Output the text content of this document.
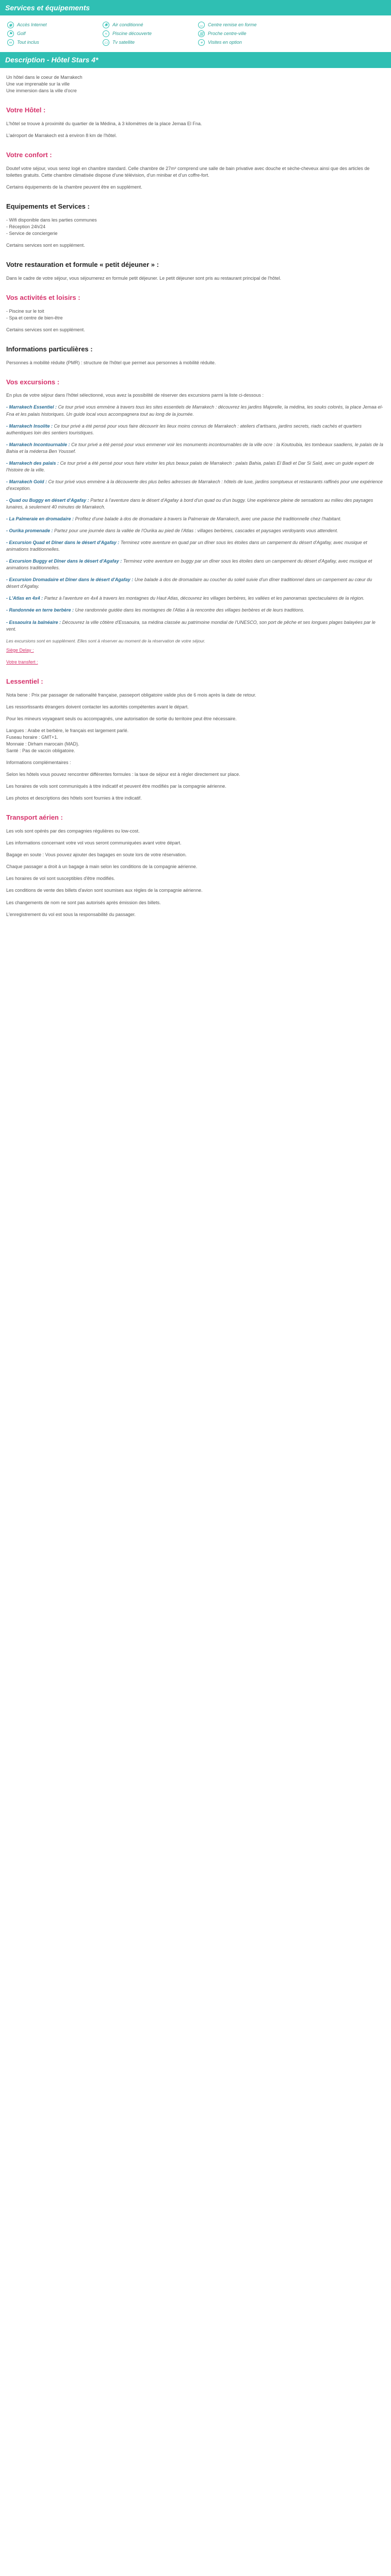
Services et équipements
◉	Accès Internet	✱	Air conditionné	⚊ Centre remise en forme
⚑ Golf	≈	Piscine découverte	▥ Proche centre-ville
∞	Tout inclus	▭ Tv satellite	⌖	Visites en option
Description - Hôtel Stars 4*

Un hôtel dans le coeur de Marrakech

Une vue imprenable sur la ville

Une immersion dans la ville d'ocre

Votre Hôtel :

L'hôtel se trouve à proximité du quartier de la Médina, à 3 kilomètres de la place Jemaa El Fna.

L'aéroport de Marrakech est à environ 8 km de l'hôtel.

Votre confort :

Doutef votre séjour, vous serez logé en chambre standard. Celle chambre de 27m² comprend une salle de bain privative avec douche et sèche-cheveux ainsi que des articles de toilettes gratuits. Cette chambre climatisée dispose d'une télévision, d'un minibar et d'un coffre-fort.

Certains équipements de la chambre peuvent être en supplément.

Equipements et Services :

- Wifi disponible dans les parties communes

- Réception 24h/24

- Service de conciergerie

Certains services sont en supplément.

Votre restauration et formule « petit déjeuner » :

Dans le cadre de votre séjour, vous séjournerez en formule petit déjeuner. Le petit déjeuner sont pris au restaurant principal de l'hôtel.

Vos activités et loisirs :

- Piscine sur le toit

- Spa et centre de bien-être

Certains services sont en supplément.

Informations particulières :

Personnes à mobilité réduite (PMR) : structure de l'hôtel que permet aux personnes à mobilité réduite.

Vos excursions :

En plus de votre séjour dans l'hôtel sélectionné, vous avez la possibilité de réserver des excursions parmi la liste ci-dessous :

- Marrakech Essentiel : Ce tour privé vous emmène à travers tous les sites essentiels de Marrakech : découvrez les jardins Majorelle, la médina, les souks colorés, la place Jemaa el-Fna et les palais historiques. Un guide local vous accompagnera tout au long de la journée.
- Marrakech Insolite : Ce tour privé a été pensé pour vous faire découvrir les lieux moins connus de Marrakech : ateliers d'artisans, jardins secrets, riads cachés et quartiers authentiques loin des sentiers touristiques.
- Marrakech Incontournable : Ce tour privé a été pensé pour vous emmener voir les monuments incontournables de la ville ocre : la Koutoubia, les tombeaux saadiens, le palais de la Bahia et la médersa Ben Youssef.
- Marrakech des palais : Ce tour privé a été pensé pour vous faire visiter les plus beaux palais de Marrakech : palais Bahia, palais El Badi et Dar Si Saïd, avec un guide expert de l'histoire de la ville.
- Marrakech Gold : Ce tour privé vous emmène à la découverte des plus belles adresses de Marrakech : hôtels de luxe, jardins somptueux et restaurants raffinés pour une expérience d'exception.
- Quad ou Buggy en désert d'Agafay : Partez à l'aventure dans le désert d'Agafay à bord d'un quad ou d'un buggy. Une expérience pleine de sensations au milieu des paysages lunaires, à seulement 40 minutes de Marrakech.
- La Palmeraie en dromadaire : Profitez d'une balade à dos de dromadaire à travers la Palmeraie de Marrakech, avec une pause thé traditionnelle chez l'habitant.
- Ourika promenade : Partez pour une journée dans la vallée de l'Ourika au pied de l'Atlas : villages berbères, cascades et paysages verdoyants vous attendent.
- Excursion Quad et Dîner dans le désert d'Agafay : Terminez votre aventure en quad par un dîner sous les étoiles dans un campement du désert d'Agafay, avec musique et animations traditionnelles.
- Excursion Buggy et Dîner dans le désert d'Agafay : Terminez votre aventure en buggy par un dîner sous les étoiles dans un campement du désert d'Agafay, avec musique et animations traditionnelles.
- Excursion Dromadaire et Dîner dans le désert d'Agafay : Une balade à dos de dromadaire au coucher du soleil suivie d'un dîner traditionnel dans un campement au cœur du désert d'Agafay.
- L'Atlas en 4x4 : Partez à l'aventure en 4x4 à travers les montagnes du Haut Atlas, découvrez les villages berbères, les vallées et les panoramas spectaculaires de la région.
- Randonnée en terre berbère : Une randonnée guidée dans les montagnes de l'Atlas à la rencontre des villages berbères et de leurs traditions.
- Essaouira la balnéaire : Découvrez la ville côtière d'Essaouira, sa médina classée au patrimoine mondial de l'UNESCO, son port de pêche et ses longues plages balayées par le vent.

Les excursions sont en supplément. Elles sont à réserver au moment de la réservation de votre séjour.

Siège Delay :

Votre transfert :

Lessentiel :

Nota bene : Prix par passager de nationalité française, passeport obligatoire valide plus de 6 mois après la date de retour.

Les ressortissants étrangers doivent contacter les autorités compétentes avant le départ.

Pour les mineurs voyageant seuls ou accompagnés, une autorisation de sortie du territoire peut être nécessaire.

Langues : Arabe et berbère, le français est largement parlé.

Fuseau horaire : GMT+1.

Monnaie : Dirham marocain (MAD).

Santé : Pas de vaccin obligatoire.

Informations complémentaires :

Selon les hôtels vous pouvez rencontrer différentes formules : la taxe de séjour est à régler directement sur place.

Les horaires de vols sont communiqués à titre indicatif et peuvent être modifiés par la compagnie aérienne.

Les photos et descriptions des hôtels sont fournies à titre indicatif.

Transport aérien :

Les vols sont opérés par des compagnies régulières ou low-cost.

Les informations concernant votre vol vous seront communiquées avant votre départ.

Bagage en soute : Vous pouvez ajouter des bagages en soute lors de votre réservation.

Chaque passager a droit à un bagage à main selon les conditions de la compagnie aérienne.

Les horaires de vol sont susceptibles d'être modifiés.

Les conditions de vente des billets d'avion sont soumises aux règles de la compagnie aérienne.

Les changements de nom ne sont pas autorisés après émission des billets.

L'enregistrement du vol est sous la responsabilité du passager.
